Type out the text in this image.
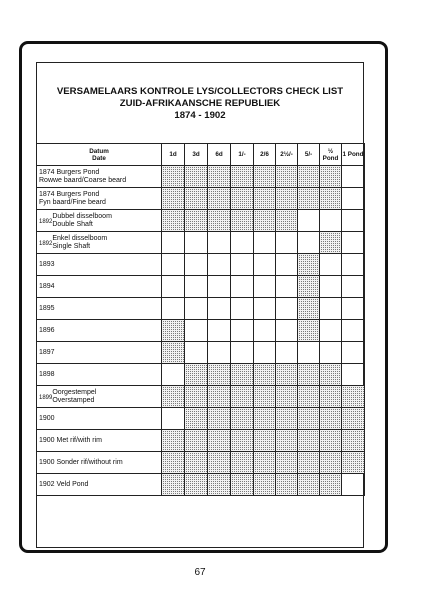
VERSAMELAARS KONTROLE LYS/COLLECTORS CHECK LIST
ZUID-AFRIKAANSCHE REPUBLIEK
1874 - 1902
Datum
Date	1d	3d	6d	1/-	2/6	2½/-	5/-	½ Pond	1 Pond

1874 Burgers Pond
Rowwe baard/Coarse beard									

1874 Burgers Pond
Fyn baard/Fine beard									

1892
Dubbel disselboom
Double Shaft									

1892
Enkel disselboom
Single Shaft									

1893									

1894									

1895									

1896									

1897									

1898									

1899
Oorgestempel
Overstamped									

1900									

1900 Met rif/with rim									

1900 Sonder rif/without rim									

1902 Veld Pond									

67
